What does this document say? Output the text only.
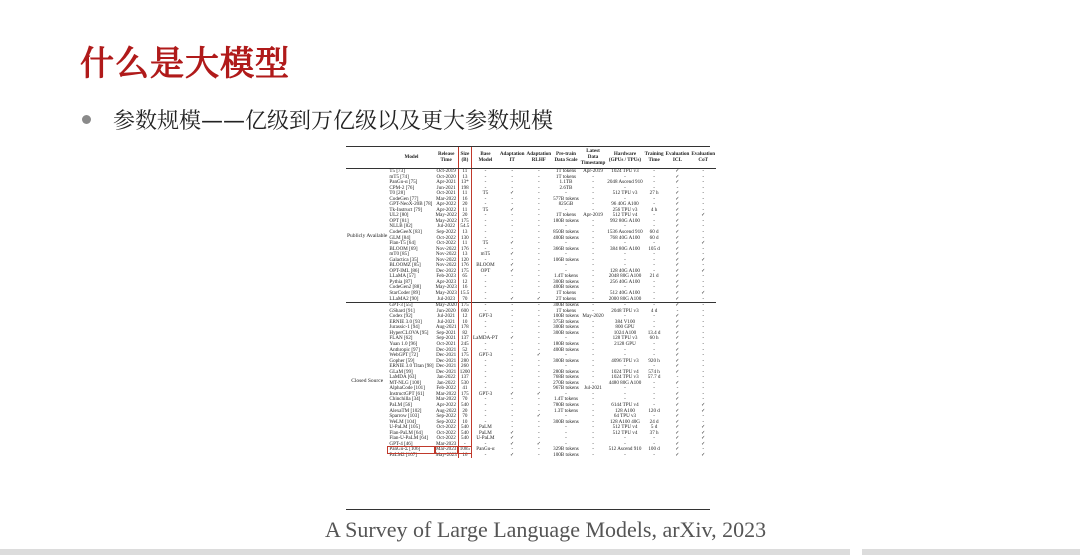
什么是大模型
参数规模——亿级到万亿级以及更大参数规模
	Model	Release Time	Size (B)	Base Model	Adaptation IT	Adaptation RLHF	Pre-train Data Scale	Latest Data Timestamp	Hardware (GPUs / TPUs)	Training Time	Evaluation ICL	Evaluation CoT
Publicly Available	T5 [73]	Oct-2019	11	-	-	-	1T tokens	Apr-2019	1024 TPU v3	-	✓	-
	mT5 [74]	Oct-2020	13	-	-	-	1T tokens	-	-	-	✓	-
	PanGu-α [75]	Apr-2021	13*	-	-	-	1.1TB	-	2048 Ascend 910	-	✓	-
	CPM-2 [76]	Jun-2021	198	-	-	-	2.6TB	-	-	-	-	-
	T0 [28]	Oct-2021	11	T5	✓	-	-	-	512 TPU v3	27 h	✓	-
	CodeGen [77]	Mar-2022	16	-	-	-	577B tokens	-	-	-	✓	-
	GPT-NeoX-20B [78]	Apr-2022	20	-	-	-	825GB	-	96 40G A100	-	✓	-
	Tk-Instruct [79]	Apr-2022	11	T5	✓	-	-	-	256 TPU v3	4 h	✓	-
	UL2 [80]	May-2022	20	-	-	-	1T tokens	Apr-2019	512 TPU v4	-	✓	✓
	OPT [81]	May-2022	175	-	-	-	180B tokens	-	992 80G A100	-	✓	-
	NLLB [82]	Jul-2022	54.5	-	-	-	-	-	-	-	✓	-
	CodeGeeX [83]	Sep-2022	13	-	-	-	850B tokens	-	1536 Ascend 910	60 d	✓	-
	GLM [84]	Oct-2022	130	-	-	-	400B tokens	-	768 40G A100	60 d	✓	-
	Flan-T5 [64]	Oct-2022	11	T5	✓	-	-	-	-	-	✓	✓
	BLOOM [69]	Nov-2022	176	-	-	-	366B tokens	-	384 80G A100	105 d	✓	-
	mT0 [85]	Nov-2022	13	mT5	✓	-	-	-	-	-	✓	-
	Galactica [35]	Nov-2022	120	-	-	-	106B tokens	-	-	-	✓	✓
	BLOOMZ [85]	Nov-2022	176	BLOOM	✓	-	-	-	-	-	✓	-
	OPT-IML [86]	Dec-2022	175	OPT	✓	-	-	-	128 40G A100	-	✓	✓
	LLaMA [57]	Feb-2023	65	-	-	-	1.4T tokens	-	2048 80G A100	21 d	✓	-
	Pythia [87]	Apr-2023	12	-	-	-	300B tokens	-	256 40G A100	-	✓	-
	CodeGen2 [88]	May-2023	16	-	-	-	400B tokens	-	-	-	✓	-
	StarCoder [89]	May-2023	15.5	-	-	-	1T tokens	-	512 40G A100	-	✓	✓
	LLaMA2 [90]	Jul-2023	70	-	✓	✓	2T tokens	-	2000 80G A100	-	✓	-
Closed Source	GPT-3 [55]	May-2020	175	-	-	-	300B tokens	-	-	-	✓	-
	GShard [91]	Jun-2020	600	-	-	-	1T tokens	-	2048 TPU v3	4 d	-	-
	Codex [92]	Jul-2021	12	GPT-3	-	-	100B tokens	May-2020	-	-	✓	-
	ERNIE 3.0 [93]	Jul-2021	10	-	-	-	375B tokens	-	384 V100	-	✓	-
	Jurassic-1 [94]	Aug-2021	178	-	-	-	300B tokens	-	800 GPU	-	✓	-
	HyperCLOVA [95]	Sep-2021	82	-	-	-	300B tokens	-	1024 A100	13.4 d	✓	-
	FLAN [62]	Sep-2021	137	LaMDA-PT	✓	-	-	-	128 TPU v3	60 h	✓	-
	Yuan 1.0 [96]	Oct-2021	245	-	-	-	180B tokens	-	2128 GPU	-	✓	-
	Anthropic [97]	Dec-2021	52	-	-	-	400B tokens	-	-	-	✓	-
	WebGPT [72]	Dec-2021	175	GPT-3	-	✓	-	-	-	-	✓	-
	Gopher [59]	Dec-2021	280	-	-	-	300B tokens	-	4096 TPU v3	920 h	✓	-
	ERNIE 3.0 Titan [98]	Dec-2021	260	-	-	-	-	-	-	-	✓	-
	GLaM [99]	Dec-2021	1200	-	-	-	280B tokens	-	1024 TPU v4	574 h	✓	-
	LaMDA [63]	Jan-2022	137	-	-	-	768B tokens	-	1024 TPU v3	57.7 d	-	-
	MT-NLG [100]	Jan-2022	530	-	-	-	270B tokens	-	4480 80G A100	-	✓	-
	AlphaCode [101]	Feb-2022	41	-	-	-	967B tokens	Jul-2021	-	-	-	-
	InstructGPT [61]	Mar-2022	175	GPT-3	✓	✓	-	-	-	-	✓	-
	Chinchilla [34]	Mar-2022	70	-	-	-	1.4T tokens	-	-	-	✓	-
	PaLM [56]	Apr-2022	540	-	-	-	780B tokens	-	6144 TPU v4	-	✓	✓
	AlexaTM [102]	Aug-2022	20	-	-	-	1.3T tokens	-	128 A100	120 d	✓	✓
	Sparrow [103]	Sep-2022	70	-	-	✓	-	-	64 TPU v3	-	✓	-
	WeLM [104]	Sep-2022	10	-	-	-	300B tokens	-	128 A100 40G	24 d	✓	-
	U-PaLM [105]	Oct-2022	540	PaLM	-	-	-	-	512 TPU v4	5 d	✓	✓
	Flan-PaLM [64]	Oct-2022	540	PaLM	✓	-	-	-	512 TPU v4	37 h	✓	✓
	Flan-U-PaLM [64]	Oct-2022	540	U-PaLM	✓	-	-	-	-	-	✓	✓
	GPT-4 [46]	Mar-2023	-	-	✓	✓	-	-	-	-	✓	✓
	PanGu-Σ [106]	Mar-2023	1085	PanGu-α	-	-	329B tokens	-	512 Ascend 910	100 d	✓	-
	PaLM2 [107]	May-2023	16	-	✓	-	100B tokens	-	-	-	✓	✓
A Survey of Large Language Models, arXiv, 2023
